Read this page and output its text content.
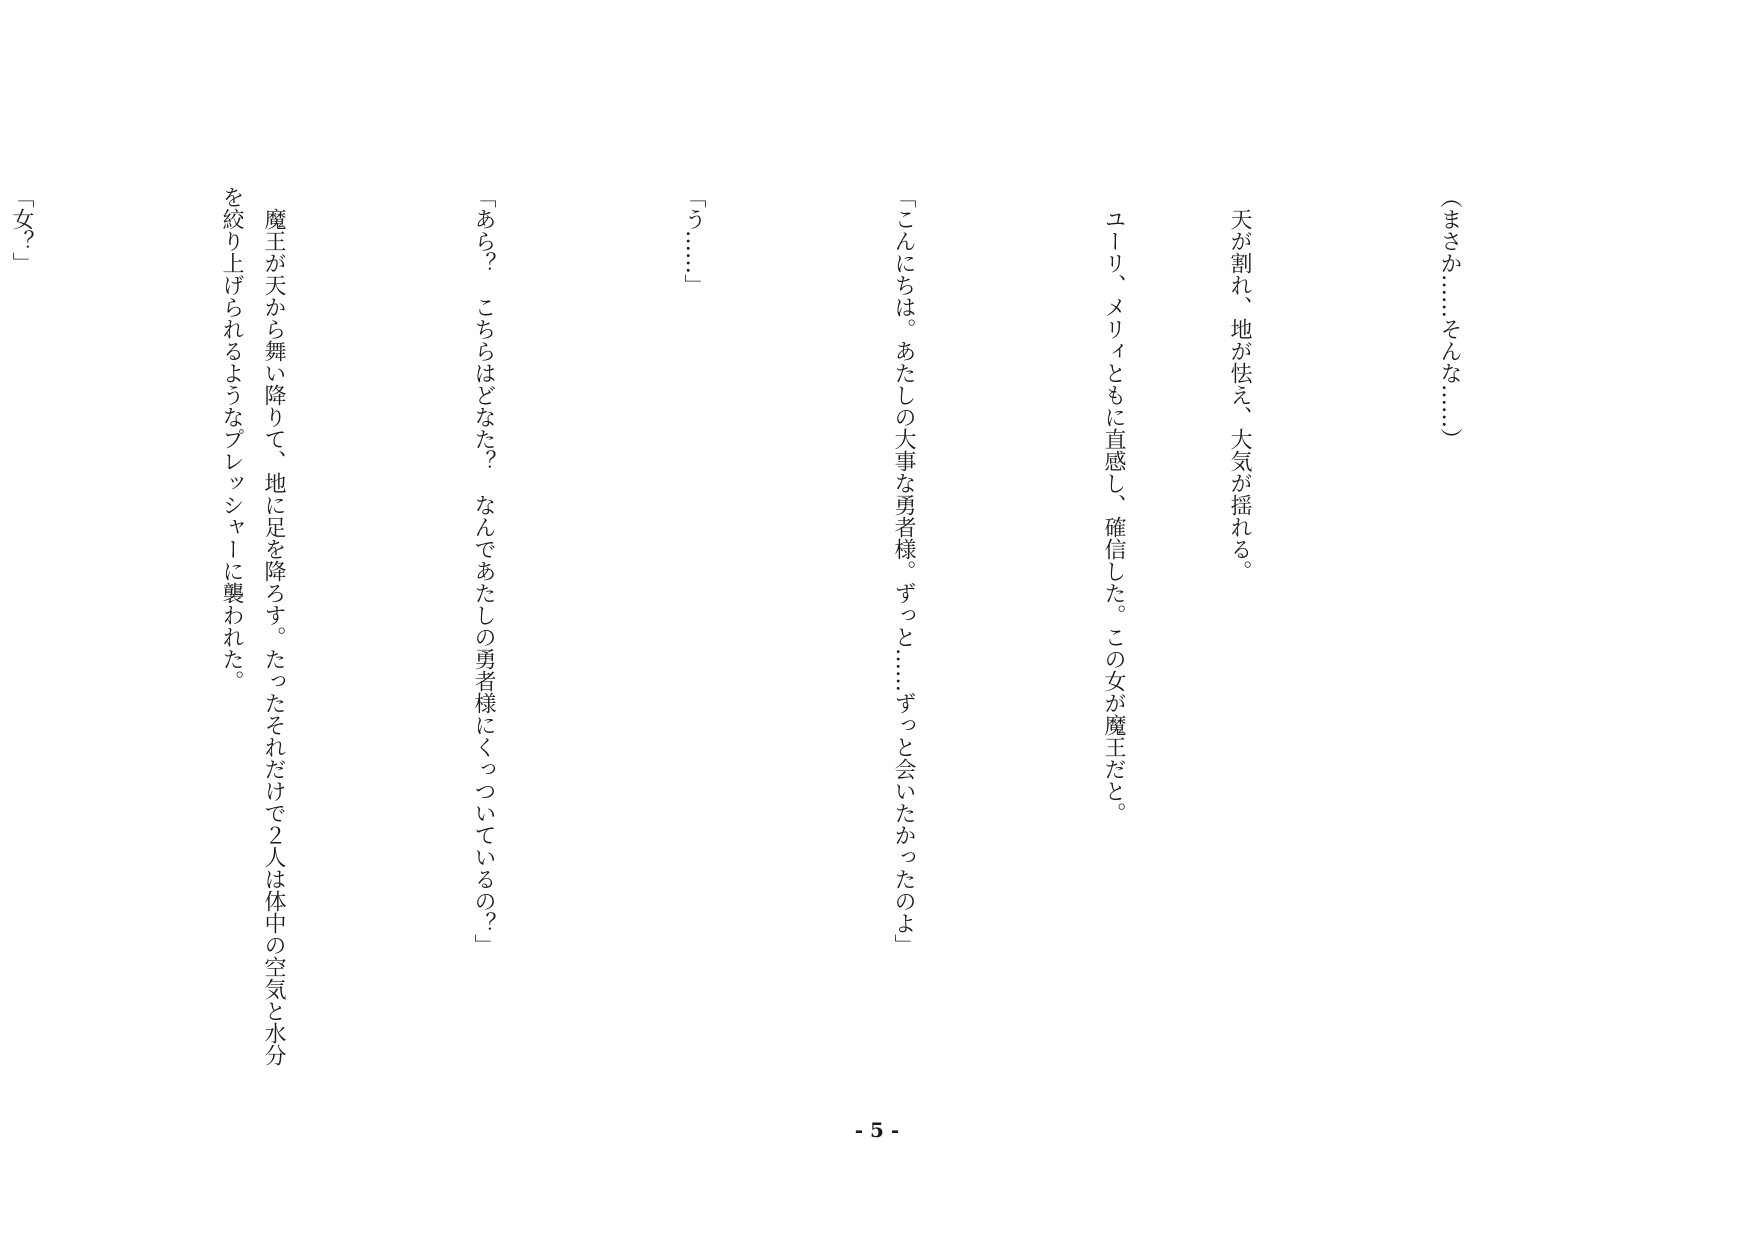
（まさか……そんな……）

　天が割れ、地が怯え、大気が揺れる。

　ユーリ、メリィともに直感し、確信した。この女が魔王だと。

「こんにちは。あたしの大事な勇者様。ずっと……ずっと会いたかったのよ」

「う……」

「あら？　こちらはどなた？　なんであたしの勇者様にくっついているの？」

　魔王が天から舞い降りて、地に足を降ろす。たったそれだけで２人は体中の空気と水分を絞り上げられるようなプレッシャーに襲われた。

「女？」

- 5 -
